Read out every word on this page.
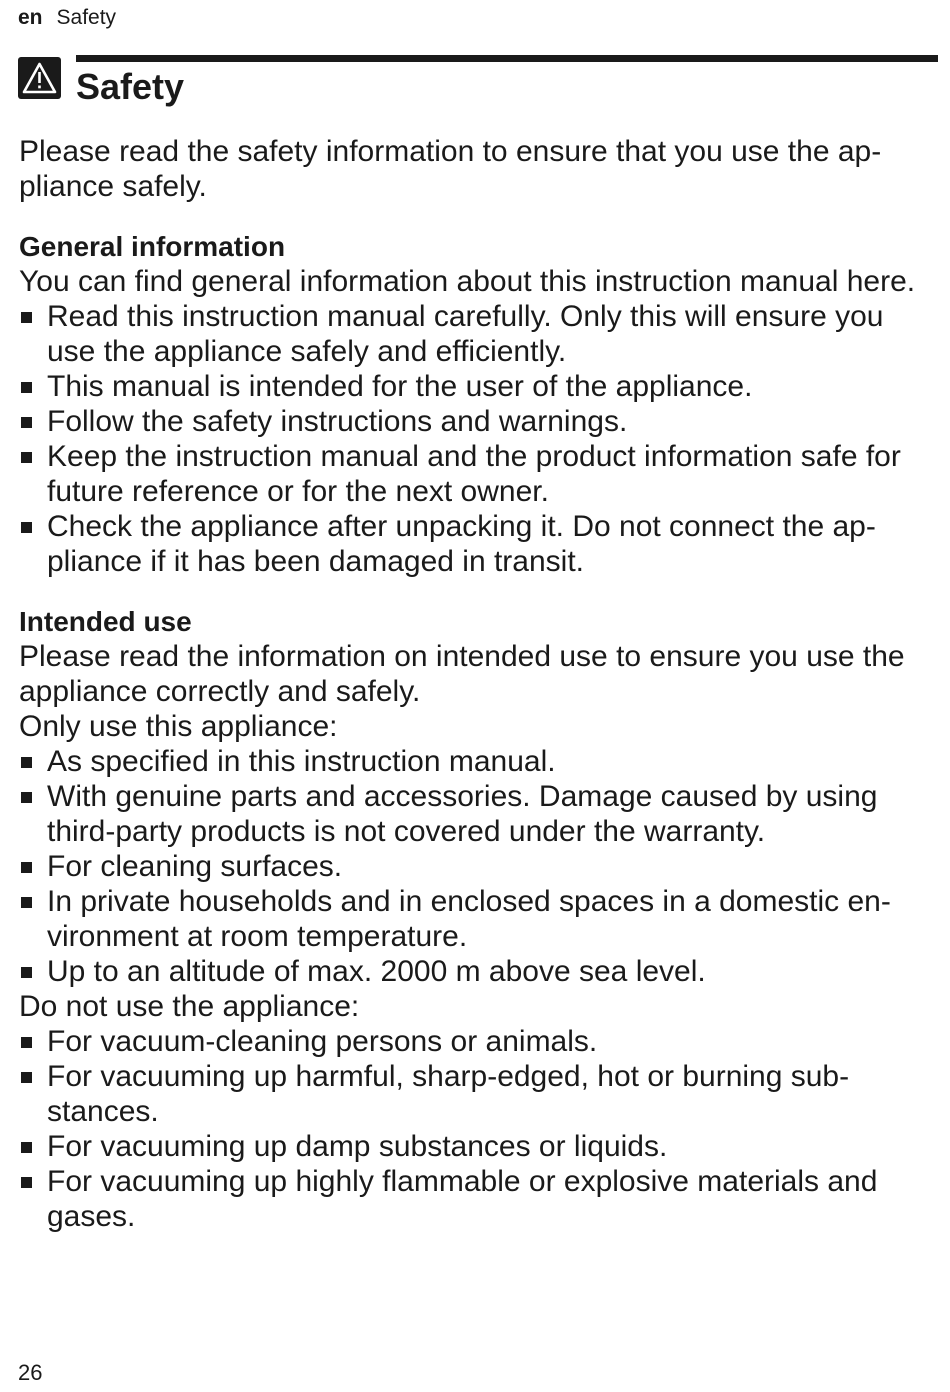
en Safety
Safety

Please read the safety information to ensure that you use the appliance safely.

General information

You can find general information about this instruction manual here.

Read this instruction manual carefully. Only this will ensure you use the appliance safely and efficiently.
This manual is intended for the user of the appliance.
Follow the safety instructions and warnings.
Keep the instruction manual and the product information safe for future reference or for the next owner.
Check the appliance after unpacking it. Do not connect the appliance if it has been damaged in transit.
Intended use

Please read the information on intended use to ensure you use the appliance correctly and safely.

Only use this appliance:

As specified in this instruction manual.
With genuine parts and accessories. Damage caused by using third-party products is not covered under the warranty.
For cleaning surfaces.
In private households and in enclosed spaces in a domestic environment at room temperature.
Up to an altitude of max. 2000 m above sea level.

Do not use the appliance:

For vacuum-cleaning persons or animals.
For vacuuming up harmful, sharp-edged, hot or burning substances.
For vacuuming up damp substances or liquids.
For vacuuming up highly flammable or explosive materials and gases.
26
